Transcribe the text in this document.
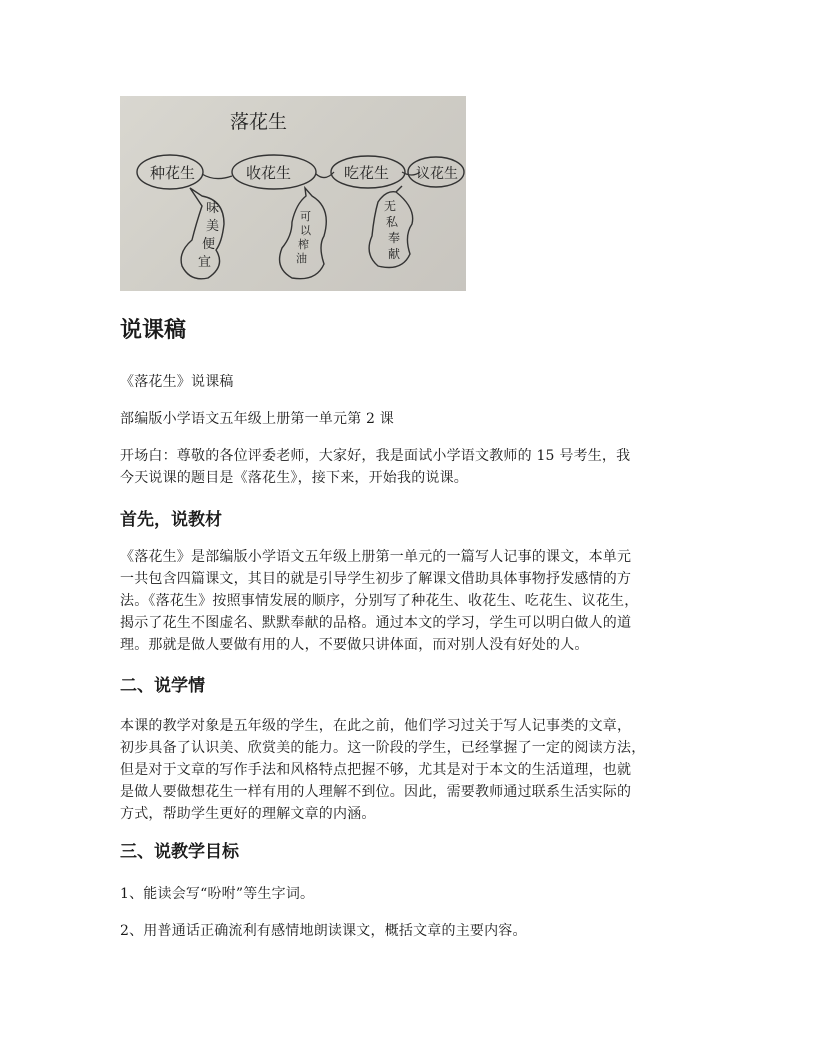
落花生
种花生	收花生	吃花生 议花生
味
美
便
宜
可
以
榨
油
无
私
奉
献
说课稿

《落花生》说课稿

部编版小学语文五年级上册第一单元第 2 课

开场白：尊敬的各位评委老师，大家好，我是面试小学语文教师的 15 号考生，我

今天说课的题目是《落花生》，接下来，开始我的说课。

首先，说教材

《落花生》是部编版小学语文五年级上册第一单元的一篇写人记事的课文，本单元

一共包含四篇课文，其目的就是引导学生初步了解课文借助具体事物抒发感情的方

法。《落花生》按照事情发展的顺序，分别写了种花生、收花生、吃花生、议花生，

揭示了花生不图虚名、默默奉献的品格。通过本文的学习，学生可以明白做人的道

理。那就是做人要做有用的人，不要做只讲体面，而对别人没有好处的人。

二、说学情

本课的教学对象是五年级的学生，在此之前，他们学习过关于写人记事类的文章，

初步具备了认识美、欣赏美的能力。这一阶段的学生，已经掌握了一定的阅读方法，

但是对于文章的写作手法和风格特点把握不够，尤其是对于本文的生活道理，也就

是做人要做想花生一样有用的人理解不到位。因此，需要教师通过联系生活实际的

方式，帮助学生更好的理解文章的内涵。

三、说教学目标

1、能读会写“吩咐”等生字词。

2、用普通话正确流利有感情地朗读课文，概括文章的主要内容。
